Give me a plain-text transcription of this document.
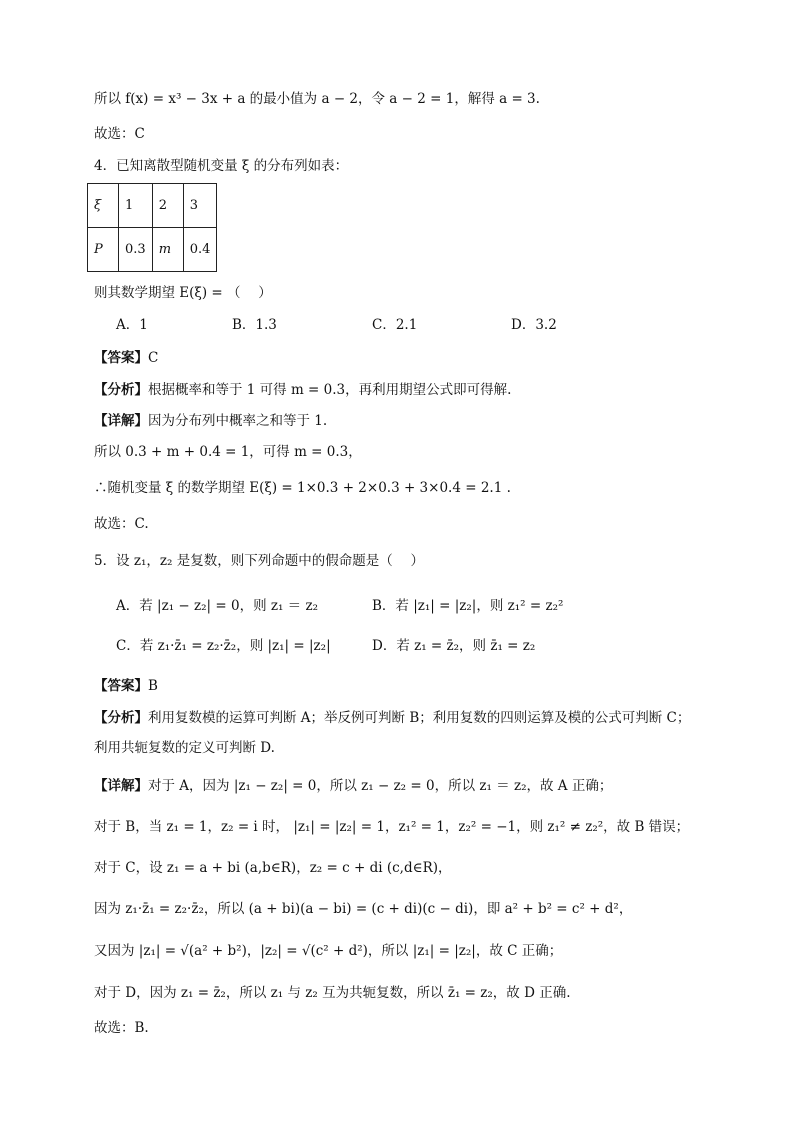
所以 f(x) = x³ − 3x + a 的最小值为 a − 2，令 a − 2 = 1，解得 a = 3.
故选：C
4．已知离散型随机变量 ξ 的分布列如表：
ξ	1	2	3
P	0.3	m	0.4
则其数学期望 E(ξ) = （　 ）
A．1	B．1.3	C．2.1	D．3.2
【答案】C
【分析】根据概率和等于 1 可得 m = 0.3，再利用期望公式即可得解.
【详解】因为分布列中概率之和等于 1.
所以 0.3 + m + 0.4 = 1，可得 m = 0.3，
∴随机变量 ξ 的数学期望 E(ξ) = 1×0.3 + 2×0.3 + 3×0.4 = 2.1 .
故选：C.
5．设 z₁，z₂ 是复数，则下列命题中的假命题是（　 ）
A．若 |z₁ − z₂| = 0，则 z₁ ＝ z₂	B．若 |z₁| = |z₂|，则 z₁² = z₂²
C．若 z₁·z̄₁ = z₂·z̄₂，则 |z₁| = |z₂|	D．若 z₁ = z̄₂，则 z̄₁ = z₂
【答案】B
【分析】利用复数模的运算可判断 A；举反例可判断 B；利用复数的四则运算及模的公式可判断 C；
利用共轭复数的定义可判断 D.
【详解】对于 A，因为 |z₁ − z₂| = 0，所以 z₁ − z₂ = 0，所以 z₁ ＝ z₂，故 A 正确；
对于 B，当 z₁ = 1，z₂ = i 时， |z₁| = |z₂| = 1，z₁² = 1，z₂² = −1，则 z₁² ≠ z₂²，故 B 错误；
对于 C，设 z₁ = a + bi (a,b∈R)，z₂ = c + di (c,d∈R)，
因为 z₁·z̄₁ = z₂·z̄₂，所以 (a + bi)(a − bi) = (c + di)(c − di)，即 a² + b² = c² + d²，
又因为 |z₁| = √(a² + b²)，|z₂| = √(c² + d²)，所以 |z₁| = |z₂|，故 C 正确；
对于 D，因为 z₁ = z̄₂，所以 z₁ 与 z₂ 互为共轭复数，所以 z̄₁ = z₂，故 D 正确.
故选：B.
